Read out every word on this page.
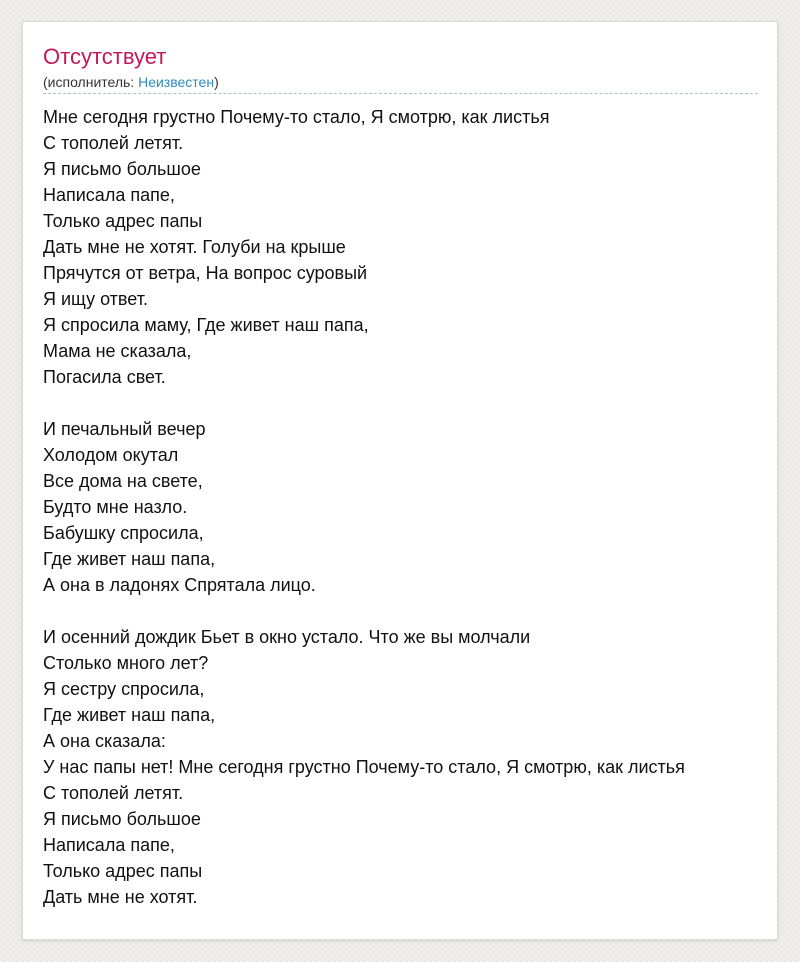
Отсутствует
(исполнитель: Неизвестен)
Мне сегодня грустно Почему-то стало, Я смотрю, как листья
С тополей летят.
Я письмо большое
Написала папе,
Только адрес папы
Дать мне не хотят. Голуби на крыше
Прячутся от ветра, На вопрос суровый
Я ищу ответ.
Я спросила маму, Где живет наш папа,
Мама не сказала,
Погасила свет.
И печальный вечер
Холодом окутал
Все дома на свете,
Будто мне назло.
Бабушку спросила,
Где живет наш папа,
А она в ладонях Спрятала лицо.
И осенний дождик Бьет в окно устало. Что же вы молчали
Столько много лет?
Я сестру спросила,
Где живет наш папа,
А она сказала:
У нас папы нет! Мне сегодня грустно Почему-то стало, Я смотрю, как листья
С тополей летят.
Я письмо большое
Написала папе,
Только адрес папы
Дать мне не хотят.
